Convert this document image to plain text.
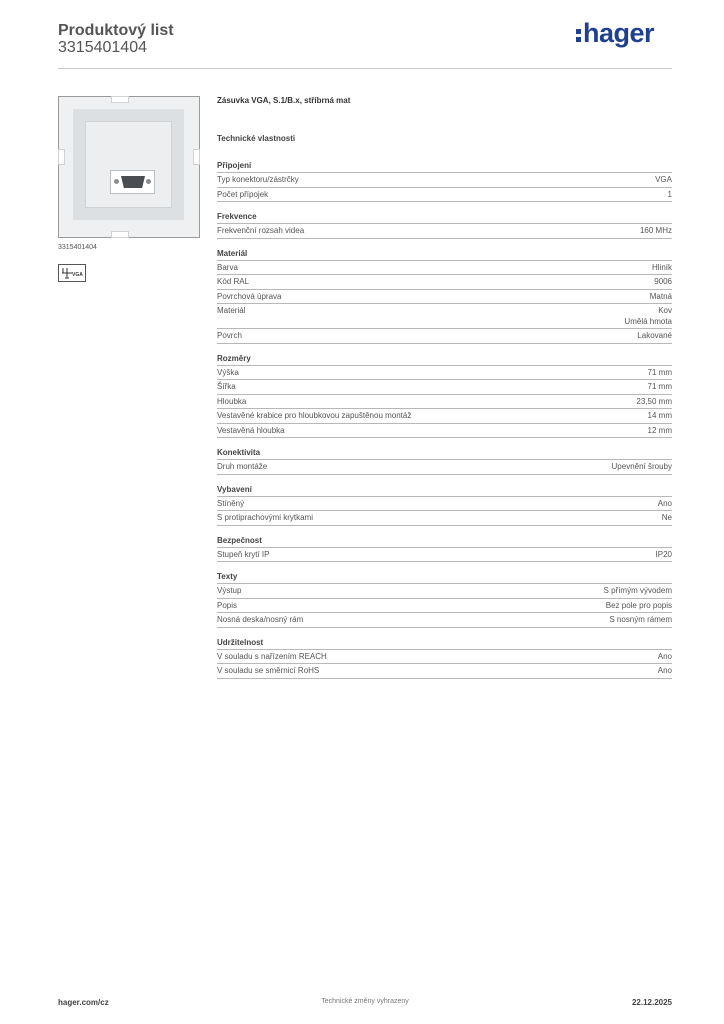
Produktový list
3315401404	hager
3315401404
VGA
Zásuvka VGA, S.1/B.x, stříbrná mat
Technické vlastnosti
Připojení
Typ konektoru/zástrčky	VGA
Počet přípojek	1
Frekvence
Frekvenční rozsah videa	160 MHz
Materiál
Barva	Hliník
Kód RAL	9006
Povrchová úprava	Matná
Materiál	Kov
Umělá hmota
Povrch	Lakované
Rozměry
Výška	71 mm
Šířka	71 mm
Hloubka	23,50 mm
Vestavěné krabice pro hloubkovou zapuštěnou montáž	14 mm
Vestavěná hloubka	12 mm
Konektivita
Druh montáže	Upevnění šrouby
Vybavení
Stíněný	Ano
S protiprachovými krytkami	Ne
Bezpečnost
Stupeň krytí IP	IP20
Texty
Výstup	S přímým vývodem
Popis	Bez pole pro popis
Nosná deska/nosný rám	S nosným rámem
Udržitelnost
V souladu s nařízením REACH	Ano
V souladu se směrnicí RoHS	Ano
hager.com/cz	Technické změny vyhrazeny	22.12.2025
